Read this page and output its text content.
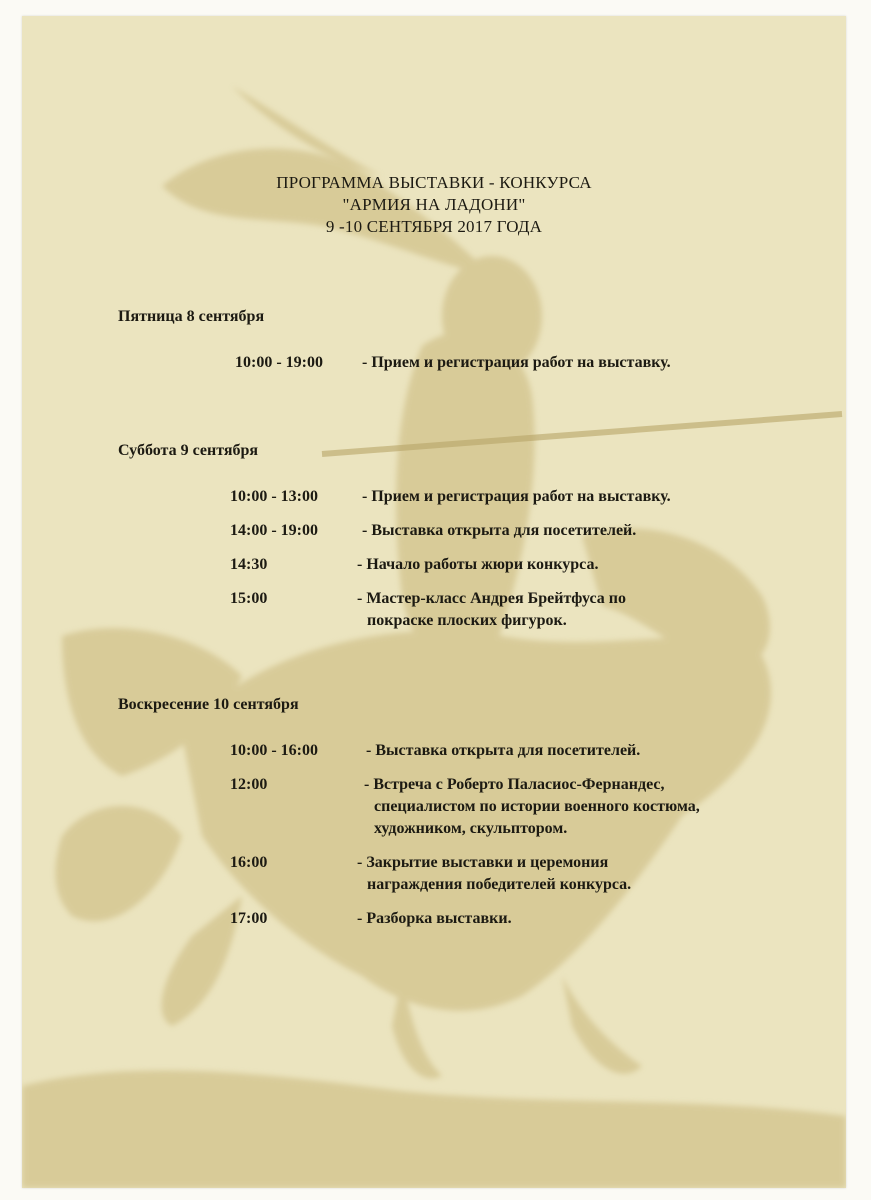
ПРОГРАММА ВЫСТАВКИ - КОНКУРСА
"АРМИЯ НА ЛАДОНИ"
9 -10 СЕНТЯБРЯ 2017 ГОДА
Пятница 8 сентября
10:00 - 19:00 - Прием и регистрация работ на выставку.
Суббота 9 сентября
10:00 - 13:00	- Прием и регистрация работ на выставку.
14:00 - 19:00	- Выставка открыта для посетителей.
14:30	- Начало работы жюри конкурса.
15:00	- Мастер-класс Андрея Брейтфуса по
покраске плоских фигурок.
Воскресение 10 сентября
10:00 - 16:00	- Выставка открыта для посетителей.
12:00	- Встреча с Роберто Паласиос-Фернандес,
специалистом по истории военного костюма,
художником, скульптором.
16:00	- Закрытие выставки и церемония
награждения победителей конкурса.
17:00	- Разборка выставки.
